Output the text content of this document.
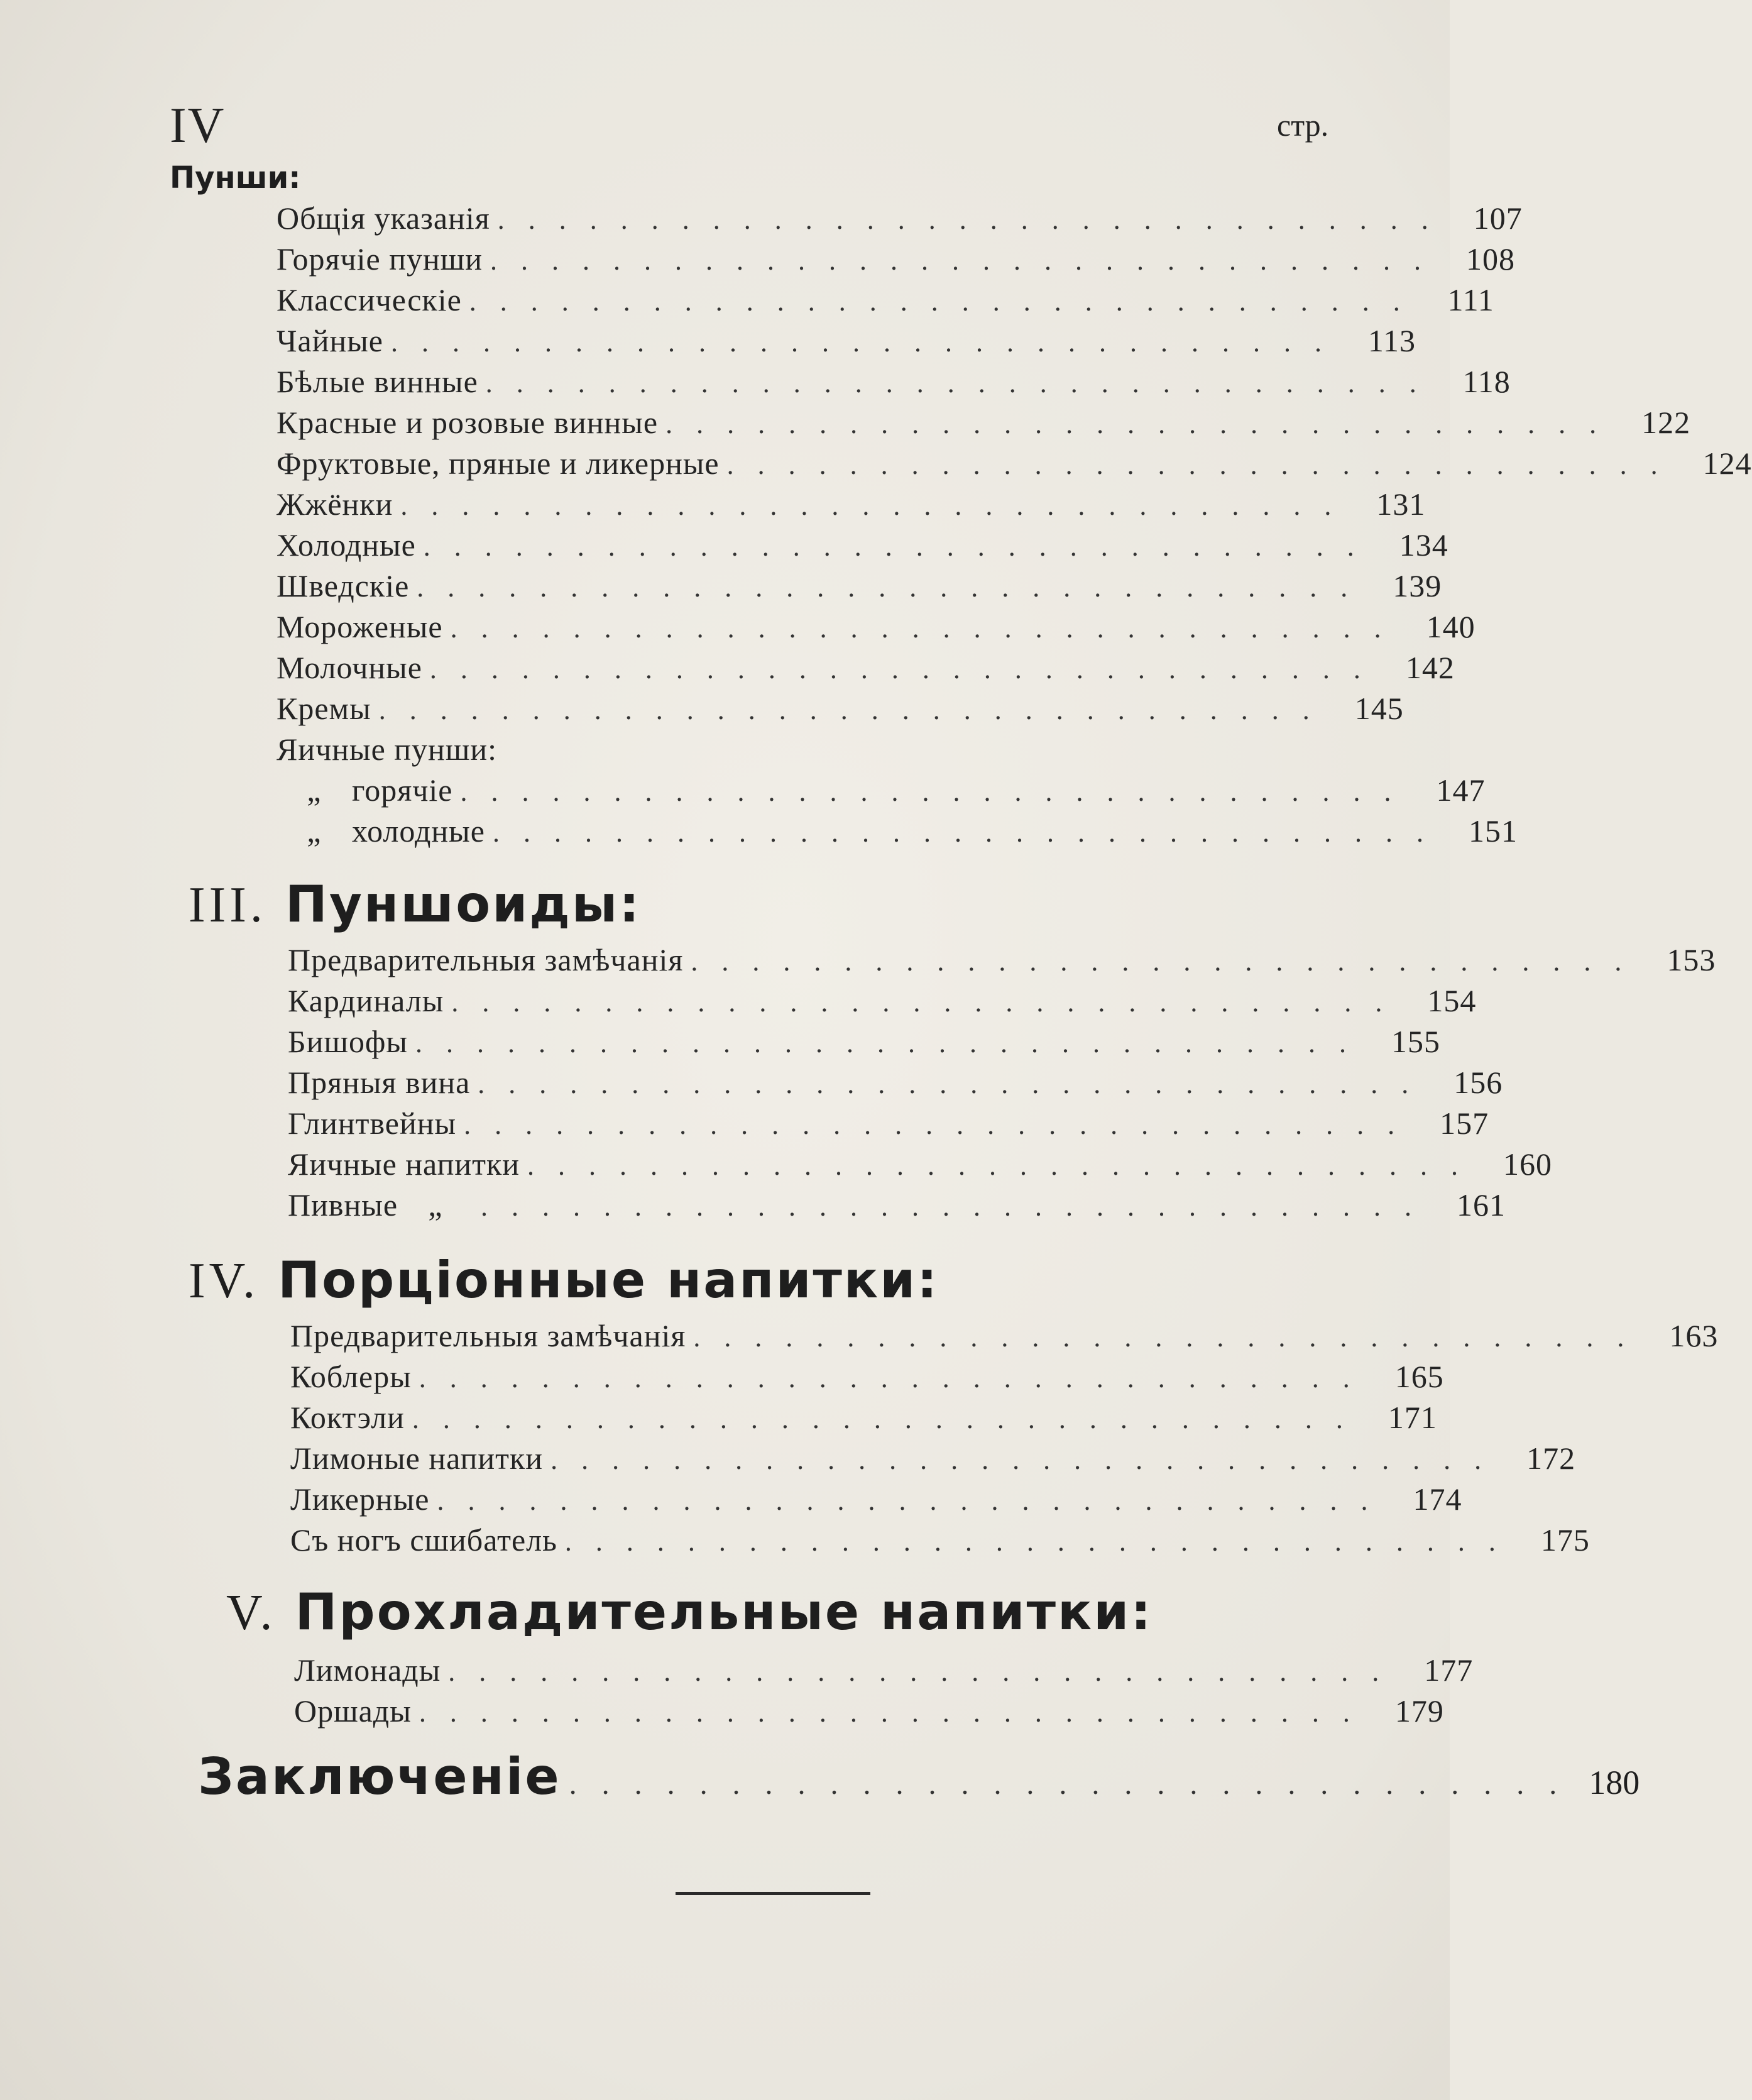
IV	стр.
Пунши:
Общія указанія ............................... 107
Горячіе пунши ............................... 108
Классическіе ............................... 111
Чайные ............................... 113
Бѣлые винные ............................... 118
Красные и розовые винные ............................... 122
Фруктовые, пряные и ликерные ............................... 124
Жжёнки ............................... 131
Холодные ............................... 134
Шведскіе ............................... 139
Мороженые ............................... 140
Молочные ............................... 142
Кремы ............................... 145
Яичные пунши:
„ горячіе ............................... 147
„ холодные ............................... 151
III. Пуншоиды:
Предварительныя замѣчанія ............................... 153
Кардиналы ............................... 154
Бишофы ............................... 155
Пряныя вина ............................... 156
Глинтвейны ............................... 157
Яичные напитки ............................... 160
Пивные „	............................... 161
IV. Порціонные напитки:
Предварительныя замѣчанія ............................... 163
Коблеры ............................... 165
Коктэли ............................... 171
Лимоные напитки ............................... 172
Ликерные ............................... 174
Съ ногъ сшибатель ............................... 175
V. Прохладительные напитки:
Лимонады ............................... 177
Оршады ............................... 179
Заключеніе ............................... 180
